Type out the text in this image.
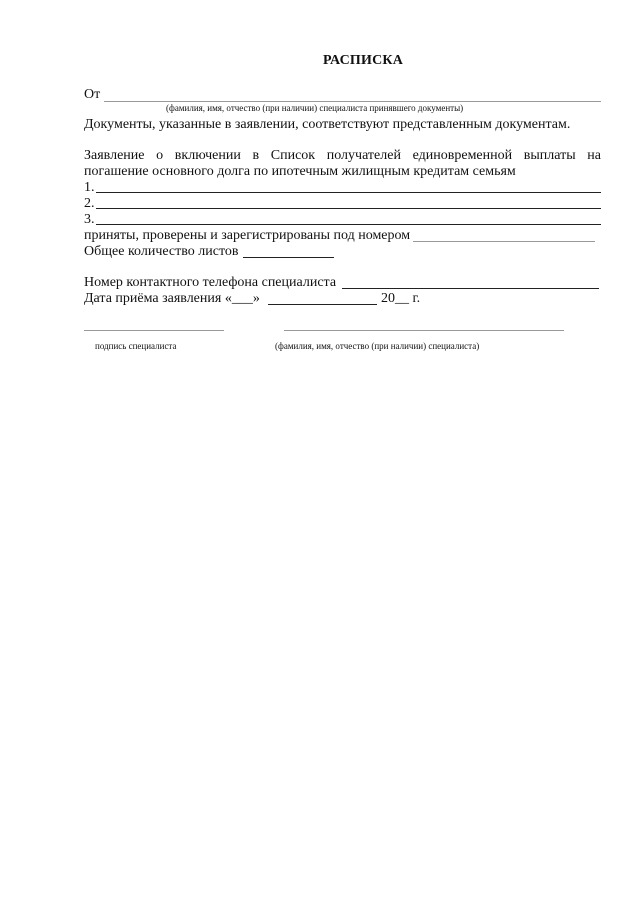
РАСПИСКА
От
(фамилия, имя, отчество (при наличии) специалиста принявшего документы)
Документы, указанные в заявлении, соответствуют представленным документам.
Заявление о включении в Список получателей единовременной выплаты на
погашение основного долга по ипотечным жилищным кредитам семьям
1.
2.
3.
приняты, проверены и зарегистрированы под номером
Общее количество листов
Номер контактного телефона специалиста
Дата приёма заявления «___»	20__ г.
подпись специалиста	(фамилия, имя, отчество (при наличии) специалиста)
